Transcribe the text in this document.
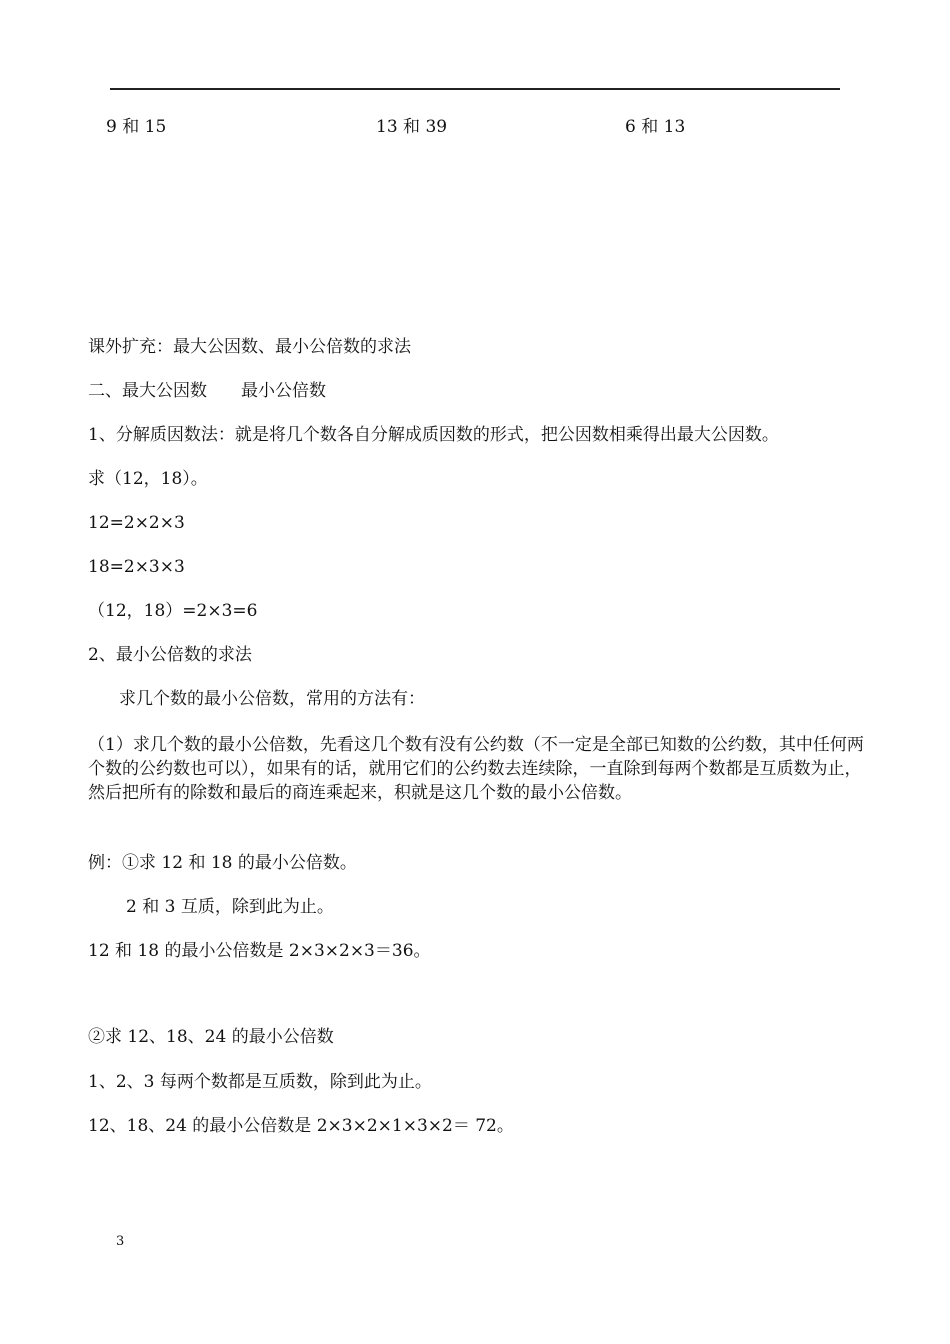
9 和 15	13 和 39	6 和 13
课外扩充：最大公因数、最小公倍数的求法
二、最大公因数　　最小公倍数
1、分解质因数法：就是将几个数各自分解成质因数的形式，把公因数相乘得出最大公因数。
求（12，18）。
12=2×2×3
18=2×3×3
（12，18）=2×3=6
2、最小公倍数的求法
求几个数的最小公倍数，常用的方法有：
（1）求几个数的最小公倍数，先看这几个数有没有公约数（不一定是全部已知数的公约数，其中任何两个数的公约数也可以），如果有的话，就用它们的公约数去连续除，一直除到每两个数都是互质数为止，然后把所有的除数和最后的商连乘起来，积就是这几个数的最小公倍数。
例：①求 12 和 18 的最小公倍数。
2 和 3 互质，除到此为止。
12 和 18 的最小公倍数是 2×3×2×3＝36。
②求 12、18、24 的最小公倍数
1、2、3 每两个数都是互质数，除到此为止。
12、18、24 的最小公倍数是 2×3×2×1×3×2＝ 72。
3
